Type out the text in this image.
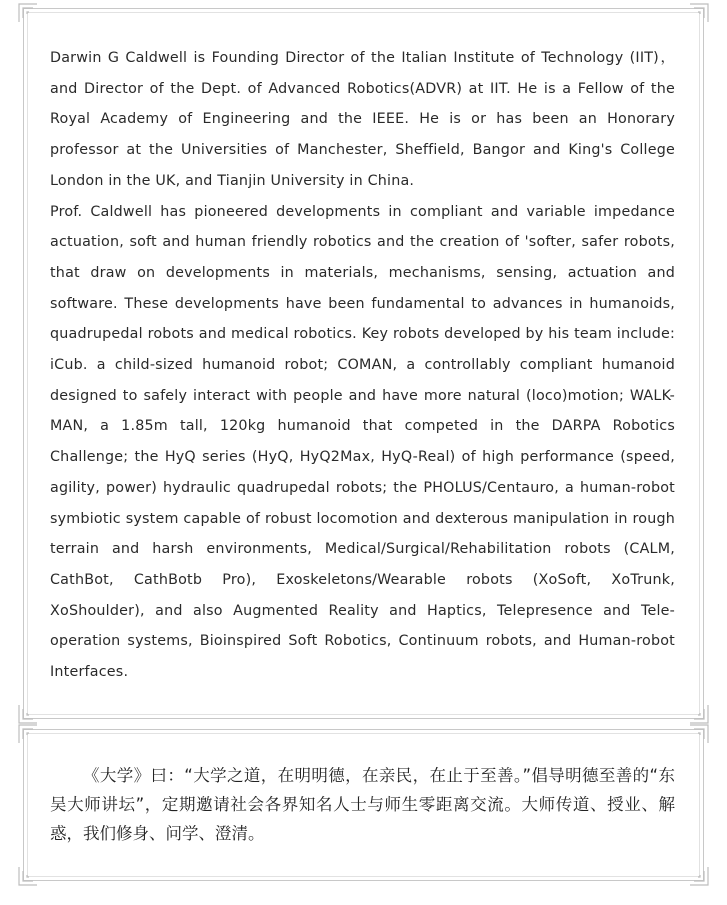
Darwin G Caldwell is Founding Director of the Italian Institute of Technology (IIT)， and Director of the Dept. of Advanced Robotics(ADVR) at IIT. He is a Fellow of the Royal Academy of Engineering and the IEEE. He is or has been an Honorary professor at the Universities of Manchester, Sheffield, Bangor and King's College London in the UK, and Tianjin University in China.

Prof. Caldwell has pioneered developments in compliant and variable impedance actuation, soft and human friendly robotics and the creation of 'softer, safer robots, that draw on developments in materials, mechanisms, sensing, actuation and software. These developments have been fundamental to advances in humanoids, quadrupedal robots and medical robotics. Key robots developed by his team include: iCub. a child-sized humanoid robot; COMAN, a controllably compliant humanoid designed to safely interact with people and have more natural (loco)motion; WALK-MAN, a 1.85m tall, 120kg humanoid that competed in the DARPA Robotics Challenge; the HyQ series (HyQ, HyQ2Max, HyQ-Real) of high performance (speed, agility, power) hydraulic quadrupedal robots; the PHOLUS/Centauro, a human-robot symbiotic system capable of robust locomotion and dexterous manipulation in rough terrain and harsh environments, Medical/Surgical/Rehabilitation robots (CALM, CathBot, CathBotb Pro), Exoskeletons/Wearable robots (XoSoft, XoTrunk, XoShoulder), and also Augmented Reality and Haptics, Telepresence and Tele-operation systems, Bioinspired Soft Robotics, Continuum robots, and Human-robot Interfaces.

《大学》曰：“大学之道，在明明德，在亲民，在止于至善。”倡导明德至善的“东吴大师讲坛”，定期邀请社会各界知名人士与师生零距离交流。大师传道、授业、解惑，我们修身、问学、澄清。
